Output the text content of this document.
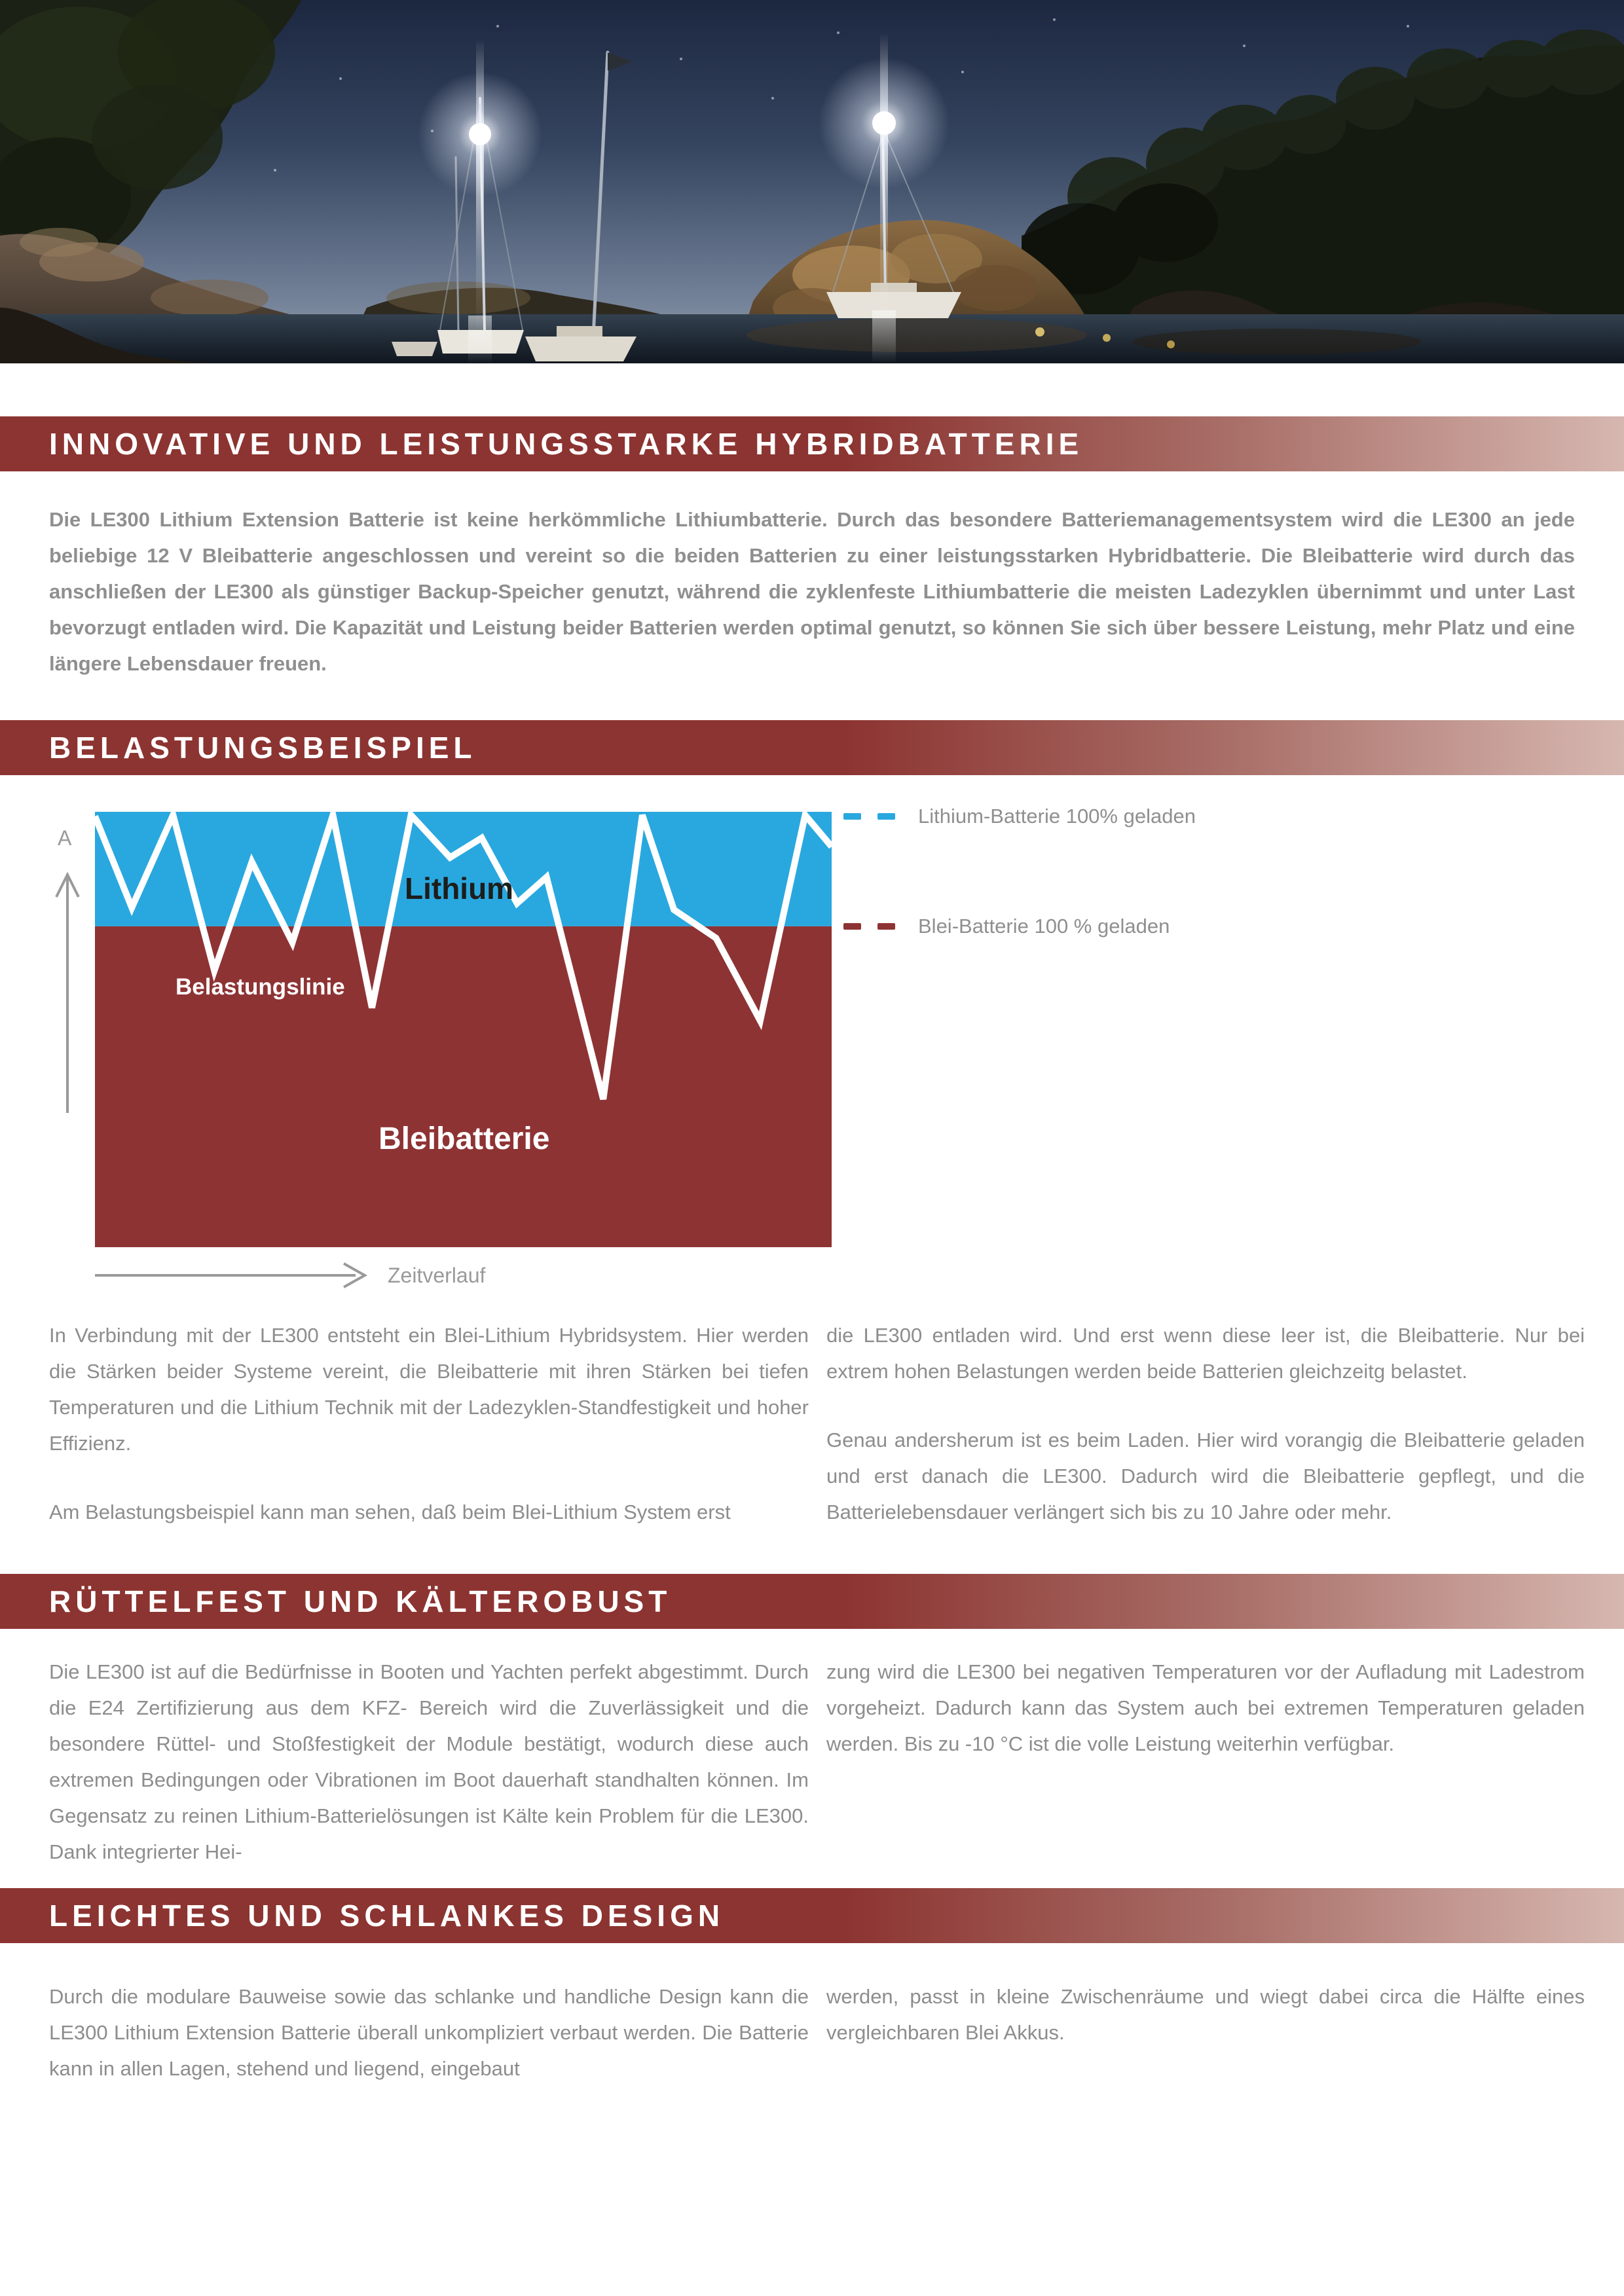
INNOVATIVE UND LEISTUNGSSTARKE HYBRIDBATTERIE

Die LE300 Lithium Extension Batterie ist keine herkömmliche Lithiumbatterie. Durch das besondere Batteriemanagementsystem wird die LE300 an jede beliebige 12 V Bleibatterie angeschlossen und vereint so die beiden Batterien zu einer leistungsstarken Hybridbatterie. Die Bleibatterie wird durch das anschließen der LE300 als günstiger Backup-Speicher genutzt, während die zyklenfeste Lithiumbatterie die meisten Ladezyklen übernimmt und unter Last bevorzugt entladen wird. Die Kapazität und Leistung beider Batterien werden optimal genutzt, so können Sie sich über bessere Leistung, mehr Platz und eine längere Lebensdauer freuen.

BELASTUNGSBEISPIEL
A
Lithium
Belastungslinie
Bleibatterie
Lithium-Batterie 100% geladen
Blei-Batterie 100 % geladen
Zeitverlauf

In Verbindung mit der LE300 entsteht ein Blei-Lithium Hybridsystem. Hier werden die Stärken beider Systeme vereint, die Bleibatterie mit ihren Stärken bei tiefen Temperaturen und die Lithium Technik mit der Ladezyklen-Standfestigkeit und hoher Effizienz.

Am Belastungsbeispiel kann man sehen, daß beim Blei-Lithium System erst

die LE300 entladen wird. Und erst wenn diese leer ist, die Bleibatterie. Nur bei extrem hohen Belastungen werden beide Batterien gleichzeitg belastet.

Genau andersherum ist es beim Laden. Hier wird vorangig die Bleibatterie geladen und erst danach die LE300. Dadurch wird die Bleibatterie gepflegt, und die Batterielebensdauer verlängert sich bis zu 10 Jahre oder mehr.

RÜTTELFEST UND KÄLTEROBUST

Die LE300 ist auf die Bedürfnisse in Booten und Yachten perfekt abgestimmt. Durch die E24 Zertifizierung aus dem KFZ- Bereich wird die Zuverlässigkeit und die besondere Rüttel- und Stoßfestigkeit der Module bestätigt, wodurch diese auch extremen Bedingungen oder Vibrationen im Boot dauerhaft standhalten können. Im Gegensatz zu reinen Lithium-Batterielösungen ist Kälte kein Problem für die LE300. Dank integrierter Hei-

zung wird die LE300 bei negativen Temperaturen vor der Aufladung mit Ladestrom vorgeheizt. Dadurch kann das System auch bei extremen Temperaturen geladen werden. Bis zu -10 °C ist die volle Leistung weiterhin verfügbar.

LEICHTES UND SCHLANKES DESIGN

Durch die modulare Bauweise sowie das schlanke und handliche Design kann die LE300 Lithium Extension Batterie überall unkompliziert verbaut werden. Die Batterie kann in allen Lagen, stehend und liegend, eingebaut

werden, passt in kleine Zwischenräume und wiegt dabei circa die Hälfte eines vergleichbaren Blei Akkus.
